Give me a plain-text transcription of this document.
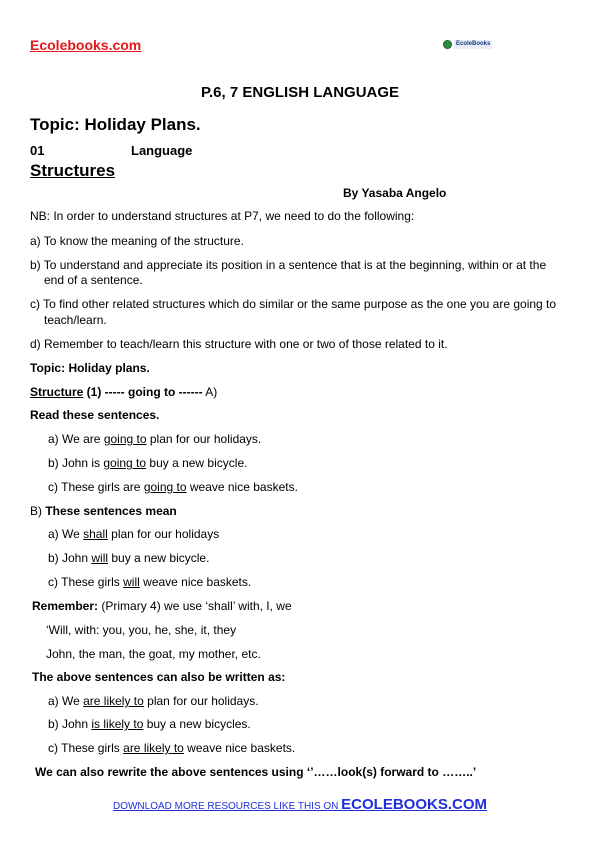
Ecolebooks.com	EcoleBooks
P.6, 7 ENGLISH LANGUAGE
Topic: Holiday Plans.
01	Language
Structures
By Yasaba Angelo
NB: In order to understand structures at P7, we need to do the following:
a) To know the meaning of the structure.
b) To understand and appreciate its position in a sentence that is at the beginning, within or at the
end of a sentence.
c) To find other related structures which do similar or the same purpose as the one you are going to
teach/learn.
d) Remember to teach/learn this structure with one or two of those related to it.
Topic: Holiday plans.
Structure (1) ----- going to ------ A)
Read these sentences.
a) We are going to plan for our holidays.
b) John is going to buy a new bicycle.
c) These girls are going to weave nice baskets.
B) These sentences mean
a) We shall plan for our holidays
b) John will buy a new bicycle.
c) These girls will weave nice baskets.
Remember: (Primary 4) we use ‘shall’ with, I, we
‘Will, with: you, you, he, she, it, they
John, the man, the goat, my mother, etc.
The above sentences can also be written as:
a) We are likely to plan for our holidays.
b) John is likely to buy a new bicycles.
c) These girls are likely to weave nice baskets.
We can also rewrite the above sentences using ‘’……look(s) forward to ……..’
DOWNLOAD MORE RESOURCES LIKE THIS ON ECOLEBOOKS.COM
